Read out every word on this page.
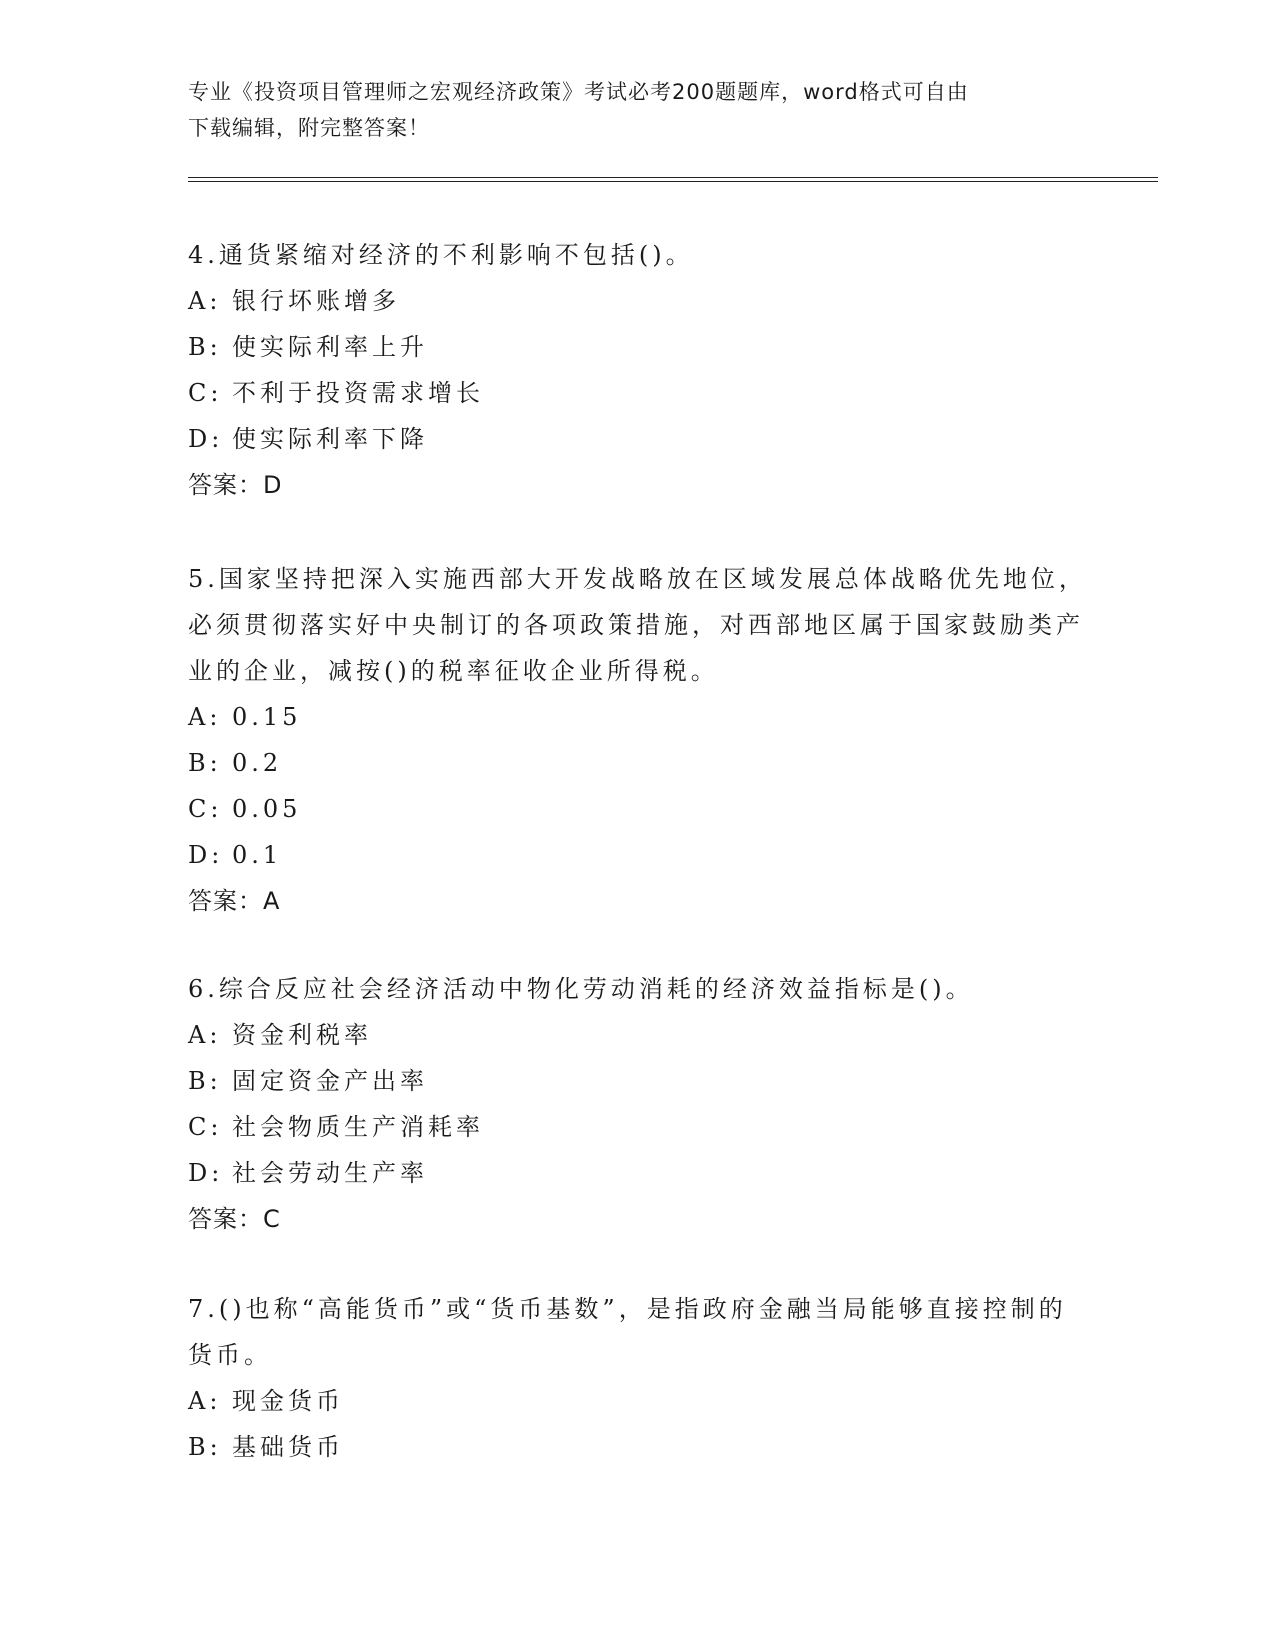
专业《投资项目管理师之宏观经济政策》考试必考200题题库，word格式可自由
下载编辑，附完整答案！
4.通货紧缩对经济的不利影响不包括()。
A: 银行坏账增多
B: 使实际利率上升
C: 不利于投资需求增长
D: 使实际利率下降
答案：D
5.国家坚持把深入实施西部大开发战略放在区域发展总体战略优先地位，必须贯彻落实好中央制订的各项政策措施，对西部地区属于国家鼓励类产业的企业，减按()的税率征收企业所得税。
A: 0.15
B: 0.2
C: 0.05
D: 0.1
答案：A
6.综合反应社会经济活动中物化劳动消耗的经济效益指标是()。
A: 资金利税率
B: 固定资金产出率
C: 社会物质生产消耗率
D: 社会劳动生产率
答案：C
7.()也称“高能货币”或“货币基数”，是指政府金融当局能够直接控制的货币。
A: 现金货币
B: 基础货币
